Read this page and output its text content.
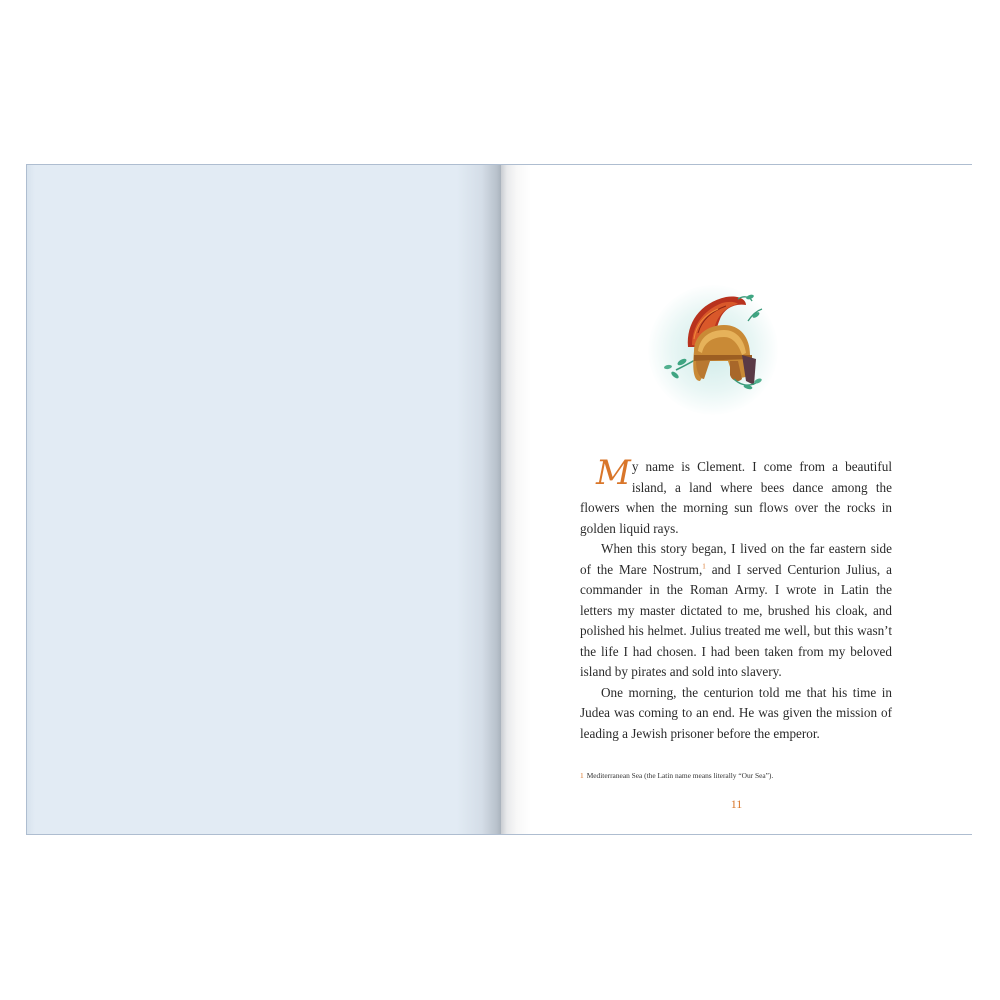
My name is Clement. I come from a beautiful island, a land where bees dance among the flowers when the morning sun flows over the rocks in golden liquid rays.

When this story began, I lived on the far eastern side of the Mare Nostrum,$^1$ and I served Centurion Julius, a commander in the Roman Army. I wrote in Latin the letters my master dictated to me, brushed his cloak, and polished his helmet. Julius treated me well, but this wasn’t the life I had chosen. I had been taken from my beloved island by pirates and sold into slavery.

One morning, the centurion told me that his time in Judea was coming to an end. He was given the mission of leading a Jewish prisoner before the emperor.

1 Mediterranean Sea (the Latin name means literally “Our Sea”).
11
